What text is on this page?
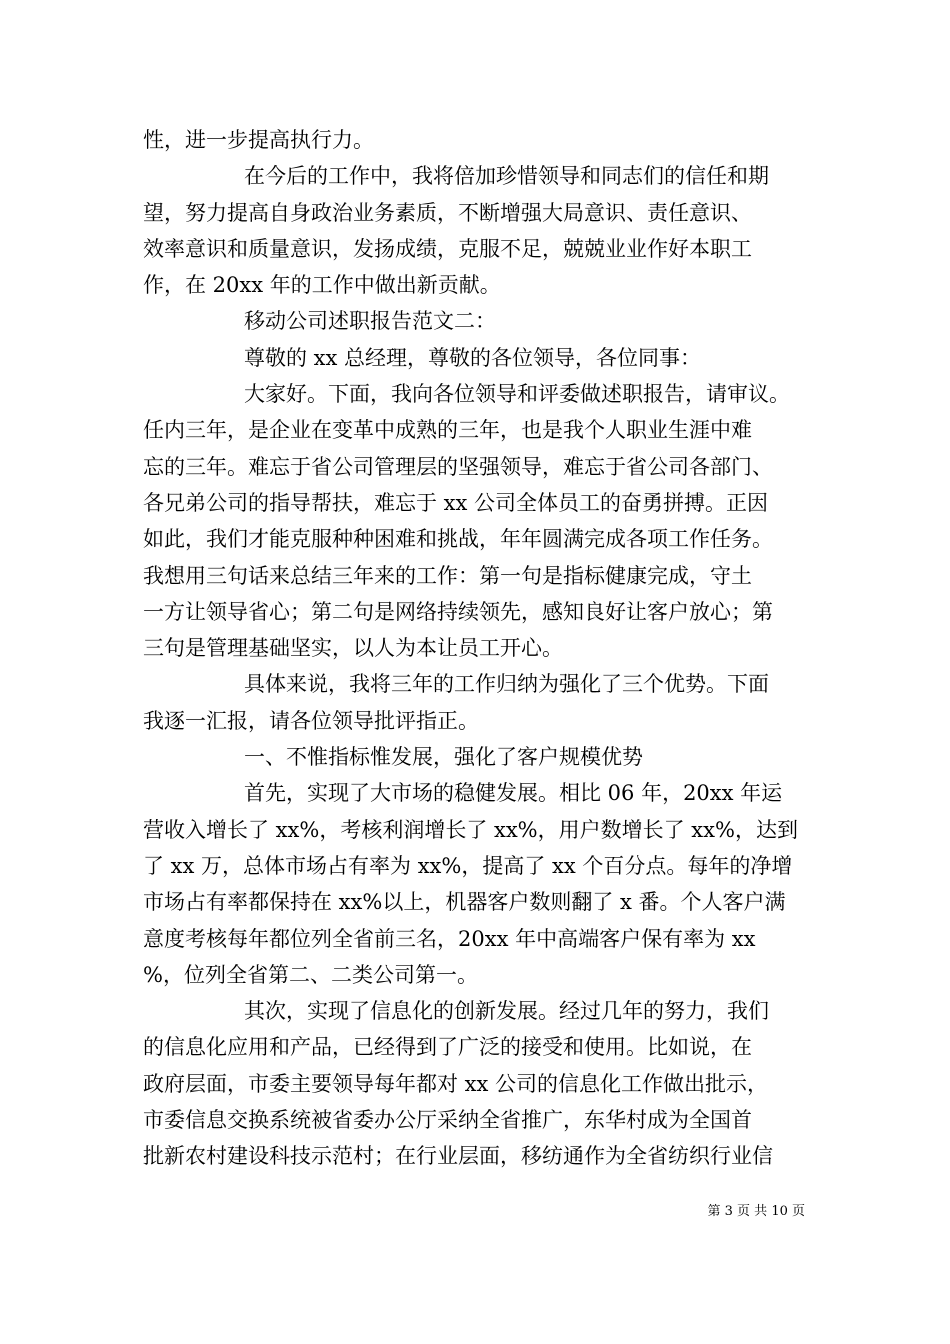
性，进一步提高执行力。
在今后的工作中，我将倍加珍惜领导和同志们的信任和期
望，努力提高自身政治业务素质，不断增强大局意识、责任意识、
效率意识和质量意识，发扬成绩，克服不足，兢兢业业作好本职工
作，在 20xx 年的工作中做出新贡献。
移动公司述职报告范文二：
尊敬的 xx 总经理，尊敬的各位领导，各位同事：
大家好。下面，我向各位领导和评委做述职报告，请审议。
任内三年，是企业在变革中成熟的三年，也是我个人职业生涯中难
忘的三年。难忘于省公司管理层的坚强领导，难忘于省公司各部门、
各兄弟公司的指导帮扶，难忘于 xx 公司全体员工的奋勇拼搏。正因
如此，我们才能克服种种困难和挑战，年年圆满完成各项工作任务。
我想用三句话来总结三年来的工作：第一句是指标健康完成，守土
一方让领导省心；第二句是网络持续领先，感知良好让客户放心；第
三句是管理基础坚实，以人为本让员工开心。
具体来说，我将三年的工作归纳为强化了三个优势。下面
我逐一汇报，请各位领导批评指正。
一、不惟指标惟发展，强化了客户规模优势
首先，实现了大市场的稳健发展。相比 06 年，20xx 年运
营收入增长了 xx%，考核利润增长了 xx%，用户数增长了 xx%，达到
了 xx 万，总体市场占有率为 xx%，提高了 xx 个百分点。每年的净增
市场占有率都保持在 xx%以上，机器客户数则翻了 x 番。个人客户满
意度考核每年都位列全省前三名，20xx 年中高端客户保有率为 xx
%，位列全省第二、二类公司第一。
其次，实现了信息化的创新发展。经过几年的努力，我们
的信息化应用和产品，已经得到了广泛的接受和使用。比如说，在
政府层面，市委主要领导每年都对 xx 公司的信息化工作做出批示，
市委信息交换系统被省委办公厅采纳全省推广，东华村成为全国首
批新农村建设科技示范村；在行业层面，移纺通作为全省纺织行业信
第 3 页 共 10 页
